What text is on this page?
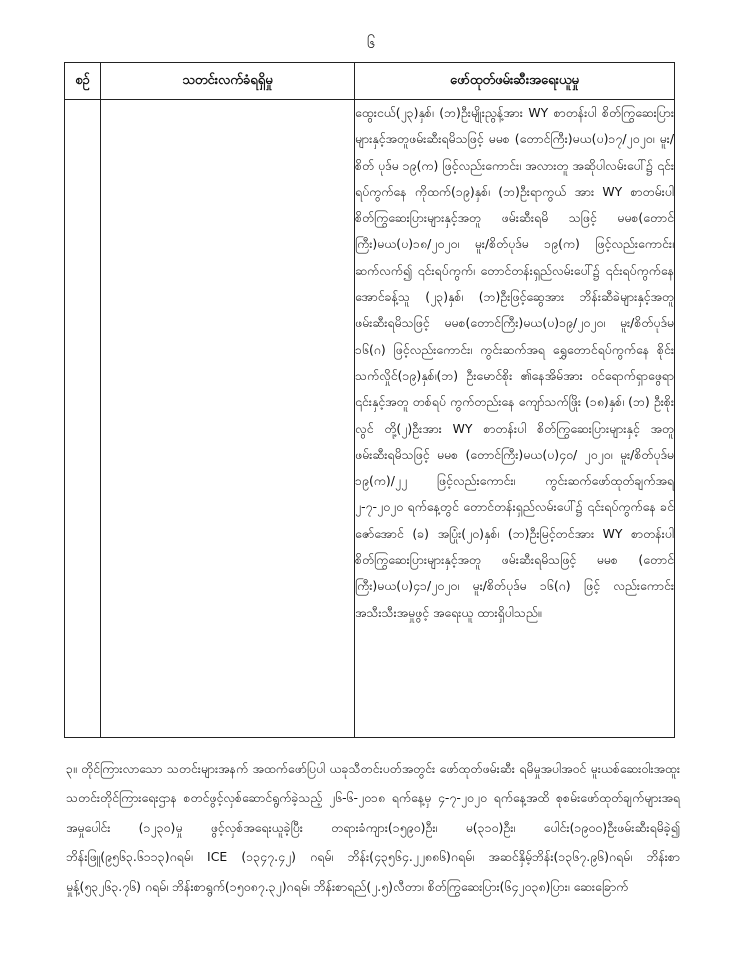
၆
စဉ်	သတင်းလက်ခံရရှိမှု	ဖော်ထုတ်ဖမ်းဆီးအရေးယူမှု
		ထွေးငယ်(၂၃)နှစ်၊ (ဘ)ဦးမျိုးညွန့်အား WY စာတန်းပါ စိတ်ကြွဆေးပြားများနှင့်အတူဖမ်းဆီးရမိသဖြင့် မမစ (တောင်ကြီး)မယ(ပ)၁၇/၂၀၂၀၊ မူး/စိတ် ပုဒ်မ ၁၉(က) ဖြင့်လည်းကောင်း၊ အလားတူ အဆိုပါလမ်းပေါ်၌ ၎င်း ရပ်ကွက်နေ ကိုထက်(၁၉)နှစ်၊ (ဘ)ဦးရာကွယ် အား WY စာတမ်းပါ စိတ်ကြွဆေးပြားများနှင့်အတူ ဖမ်းဆီးရမိ သဖြင့် မမစ(တောင်ကြီး)မယ(ပ)၁၈/၂၀၂၀၊ မူး/စိတ်ပုဒ်မ ၁၉(က) ဖြင့်လည်းကောင်း၊ ဆက်လက်၍ ၎င်းရပ်ကွက်၊ တောင်တန်းရှည်လမ်းပေါ်၌ ၎င်းရပ်ကွက်နေ အောင်ခန့်သူ (၂၃)နှစ်၊ (ဘ)ဦးဖြင့်ဆွေအား ဘိန်းဆီခဲများနှင့်အတူ ဖမ်းဆီးရမိသဖြင့် မမစ(တောင်ကြီး)မယ(ပ)၁၉/၂၀၂၀၊ မူး/စိတ်ပုဒ်မ ၁၆(ဂ) ဖြင့်လည်းကောင်း၊ ကွင်းဆက်အရ ရွှေတောင်ရပ်ကွက်နေ စိုင်းသက်လှိုင်(၁၉)နှစ်၊(ဘ) ဦးမောင်စိုး ၏နေအိမ်အား ဝင်ရောက်ရှာဖွေရာ ၎င်းနှင့်အတူ တစ်ရပ် ကွက်တည်းနေ ကျော်သက်ဖြိုး (၁၈)နှစ်၊ (ဘ) ဦးစိုးလွင် တို့(၂)ဦးအား WY စာတန်းပါ စိတ်ကြွဆေးပြားများနှင့် အတူ ဖမ်းဆီးရမိသဖြင့် မမစ (တောင်ကြီး)မယ(ပ)၄၀/ ၂၀၂၀၊ မူး/စိတ်ပုဒ်မ ၁၉(က)/၂၂ ဖြင့်လည်းကောင်း၊ ကွင်းဆက်ဖော်ထုတ်ချက်အရ ၂-၇-၂၀၂၀ ရက်နေ့တွင် တောင်တန်းရှည်လမ်းပေါ်၌ ၎င်းရပ်ကွက်နေ ခင်ဇော်အောင် (ခ) အပြုံး(၂၀)နှစ်၊ (ဘ)ဦးမြင့်တင်အား WY စာတန်းပါ စိတ်ကြွဆေးပြားများနှင့်အတူ ဖမ်းဆီးရမိသဖြင့် မမစ (တောင်ကြီး)မယ(ပ)၄၁/၂၀၂၀၊ မူး/စိတ်ပုဒ်မ ၁၆(ဂ) ဖြင့် လည်းကောင်း အသီးသီးအမှုဖွင့် အရေးယူ ထားရှိပါသည်။
၃။ တိုင်ကြားလာသော သတင်းများအနက် အထက်ဖော်ပြပါ ယခုသီတင်းပတ်အတွင်း ဖော်ထုတ်ဖမ်းဆီး ရမိမှုအပါအဝင် မူးယစ်ဆေးဝါးအထူးသတင်းတိုင်ကြားရေးဌာန စတင်ဖွင့်လှစ်ဆောင်ရွက်ခဲ့သည့် ၂၆-၆-၂၀၁၈ ရက်နေ့မှ ၄-၇-၂၀၂၀ ရက်နေ့အထိ စုစမ်းဖော်ထုတ်ချက်များအရ အမှုပေါင်း (၁၂၃၀)မှု ဖွင့်လှစ်အရေးယူခဲ့ပြီး တရားခံကျား(၁၅၉၀)ဦး၊ မ(၃၁၀)ဦး၊ ပေါင်း(၁၉၀၀)ဦးဖမ်းဆီးရမိခဲ့၍ ဘိန်းဖြူ(၉၅၆၃.၆၁၁၃)ဂရမ်၊ ICE (၁၃၄၇.၄၂) ဂရမ်၊ ဘိန်း(၄၃၅၆၄.၂၂၈၈၆)ဂရမ်၊ အဆင်နှိမ့်ဘိန်း(၁၃၆၇.၉၆)ဂရမ်၊ ဘိန်းစာမှုန့်(၅၃၂၆၃.၇၆) ဂရမ်၊ ဘိန်းစာရွက်(၁၅၀၈၇.၃၂)ဂရမ်၊ ဘိန်းစာရည်(၂.၅)လီတာ၊ စိတ်ကြွဆေးပြား(၆၄၂၀၃၈)ပြား၊ ဆေးခြောက်
